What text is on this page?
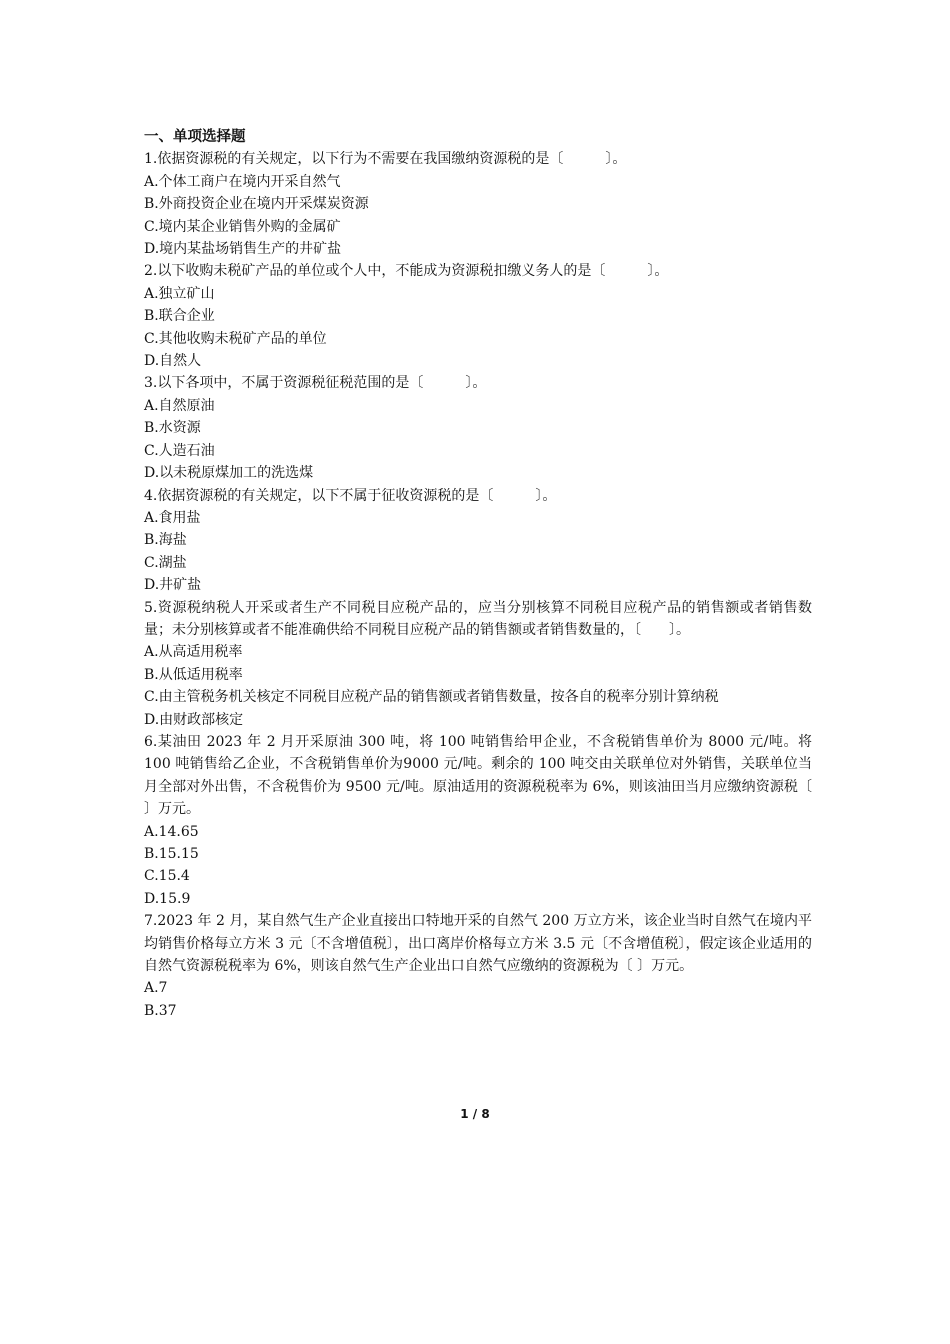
一、单项选择题
1.依据资源税的有关规定，以下行为不需要在我国缴纳资源税的是〔　　　〕。
A.个体工商户在境内开采自然气
B.外商投资企业在境内开采煤炭资源
C.境内某企业销售外购的金属矿
D.境内某盐场销售生产的井矿盐
2.以下收购未税矿产品的单位或个人中，不能成为资源税扣缴义务人的是〔　　　〕。
A.独立矿山
B.联合企业
C.其他收购未税矿产品的单位
D.自然人
3.以下各项中，不属于资源税征税范围的是〔　　　〕。
A.自然原油
B.水资源
C.人造石油
D.以未税原煤加工的洗选煤
4.依据资源税的有关规定，以下不属于征收资源税的是〔　　　〕。
A.食用盐
B.海盐
C.湖盐
D.井矿盐
5.资源税纳税人开采或者生产不同税目应税产品的，应当分别核算不同税目应税产品的销售额或者销售数量；未分别核算或者不能准确供给不同税目应税产品的销售额或者销售数量的，〔　　〕。
A.从高适用税率
B.从低适用税率
C.由主管税务机关核定不同税目应税产品的销售额或者销售数量，按各自的税率分别计算纳税
D.由财政部核定
6.某油田 2023 年 2 月开采原油 300 吨，将 100 吨销售给甲企业，不含税销售单价为 8000 元/吨。将 100 吨销售给乙企业，不含税销售单价为9000 元/吨。剩余的 100 吨交由关联单位对外销售，关联单位当月全部对外出售，不含税售价为 9500 元/吨。原油适用的资源税税率为 6%，则该油田当月应缴纳资源税〔 〕万元。
A.14.65
B.15.15
C.15.4
D.15.9
7.2023 年 2 月，某自然气生产企业直接出口特地开采的自然气 200 万立方米，该企业当时自然气在境内平均销售价格每立方米 3 元〔不含增值税〕，出口离岸价格每立方米 3.5 元〔不含增值税〕，假定该企业适用的自然气资源税税率为 6%，则该自然气生产企业出口自然气应缴纳的资源税为〔 〕万元。
A.7
B.37
1 / 8
